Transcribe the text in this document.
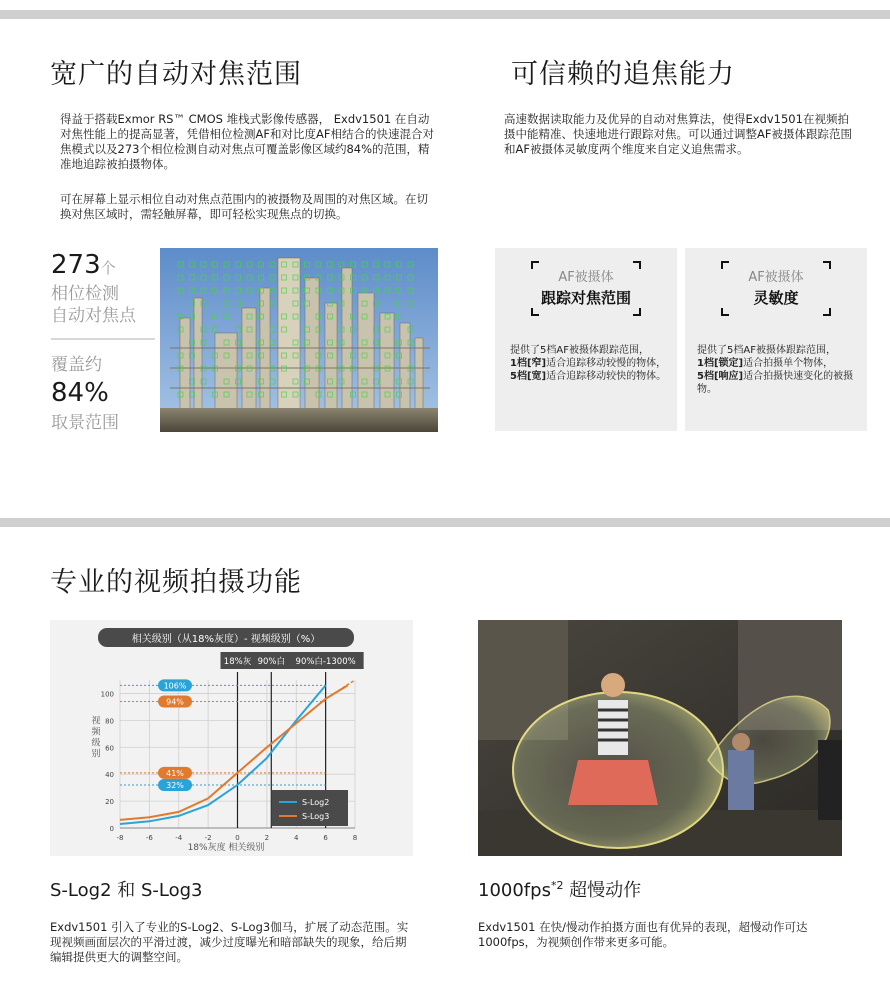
宽广的自动对焦范围
得益于搭载Exmor RS™ CMOS 堆栈式影像传感器， Exdv1501 在自动对焦性能上的提高显著，凭借相位检测AF和对比度AF相结合的快速混合对焦模式以及273个相位检测自动对焦点可覆盖影像区域约84%的范围，精准地追踪被拍摄物体。
可在屏幕上显示相位自动对焦点范围内的被摄物及周围的对焦区域。在切换对焦区域时，需轻触屏幕，即可轻松实现焦点的切换。
273个
相位检测
自动对焦点
覆盖约
84%
取景范围
可信赖的追焦能力
高速数据读取能力及优异的自动对焦算法，使得Exdv1501在视频拍摄中能精准、快速地进行跟踪对焦。可以通过调整AF被摄体跟踪范围和AF被摄体灵敏度两个维度来自定义追焦需求。
AF被摄体
跟踪对焦范围
提供了5档AF被摄体跟踪范围，
1档[窄]适合追踪移动较慢的物体，
5档[宽]适合追踪移动较快的物体。
AF被摄体
灵敏度
提供了5档AF被摄体跟踪范围，
1档[锁定]适合拍摄单个物体，
5档[响应]适合拍摄快速变化的被摄物。
专业的视频拍摄功能
相关级别（从18%灰度）- 视频级别（%）
-8	-6	-4	-2	0	2	4	6	8
0
20
40
60
80
100
18%灰 90%白 90%白-1300%
106%
94%
41%
32%
S-Log2
S-Log3
18%灰度 相关级别
视频级别
S-Log2 和 S-Log3
Exdv1501 引入了专业的S-Log2、S-Log3伽马，扩展了动态范围。实现视频画面层次的平滑过渡，减少过度曝光和暗部缺失的现象，给后期编辑提供更大的调整空间。
1000fps$^{*2}$ 超慢动作
Exdv1501 在快/慢动作拍摄方面也有优异的表现，超慢动作可达1000fps，为视频创作带来更多可能。
